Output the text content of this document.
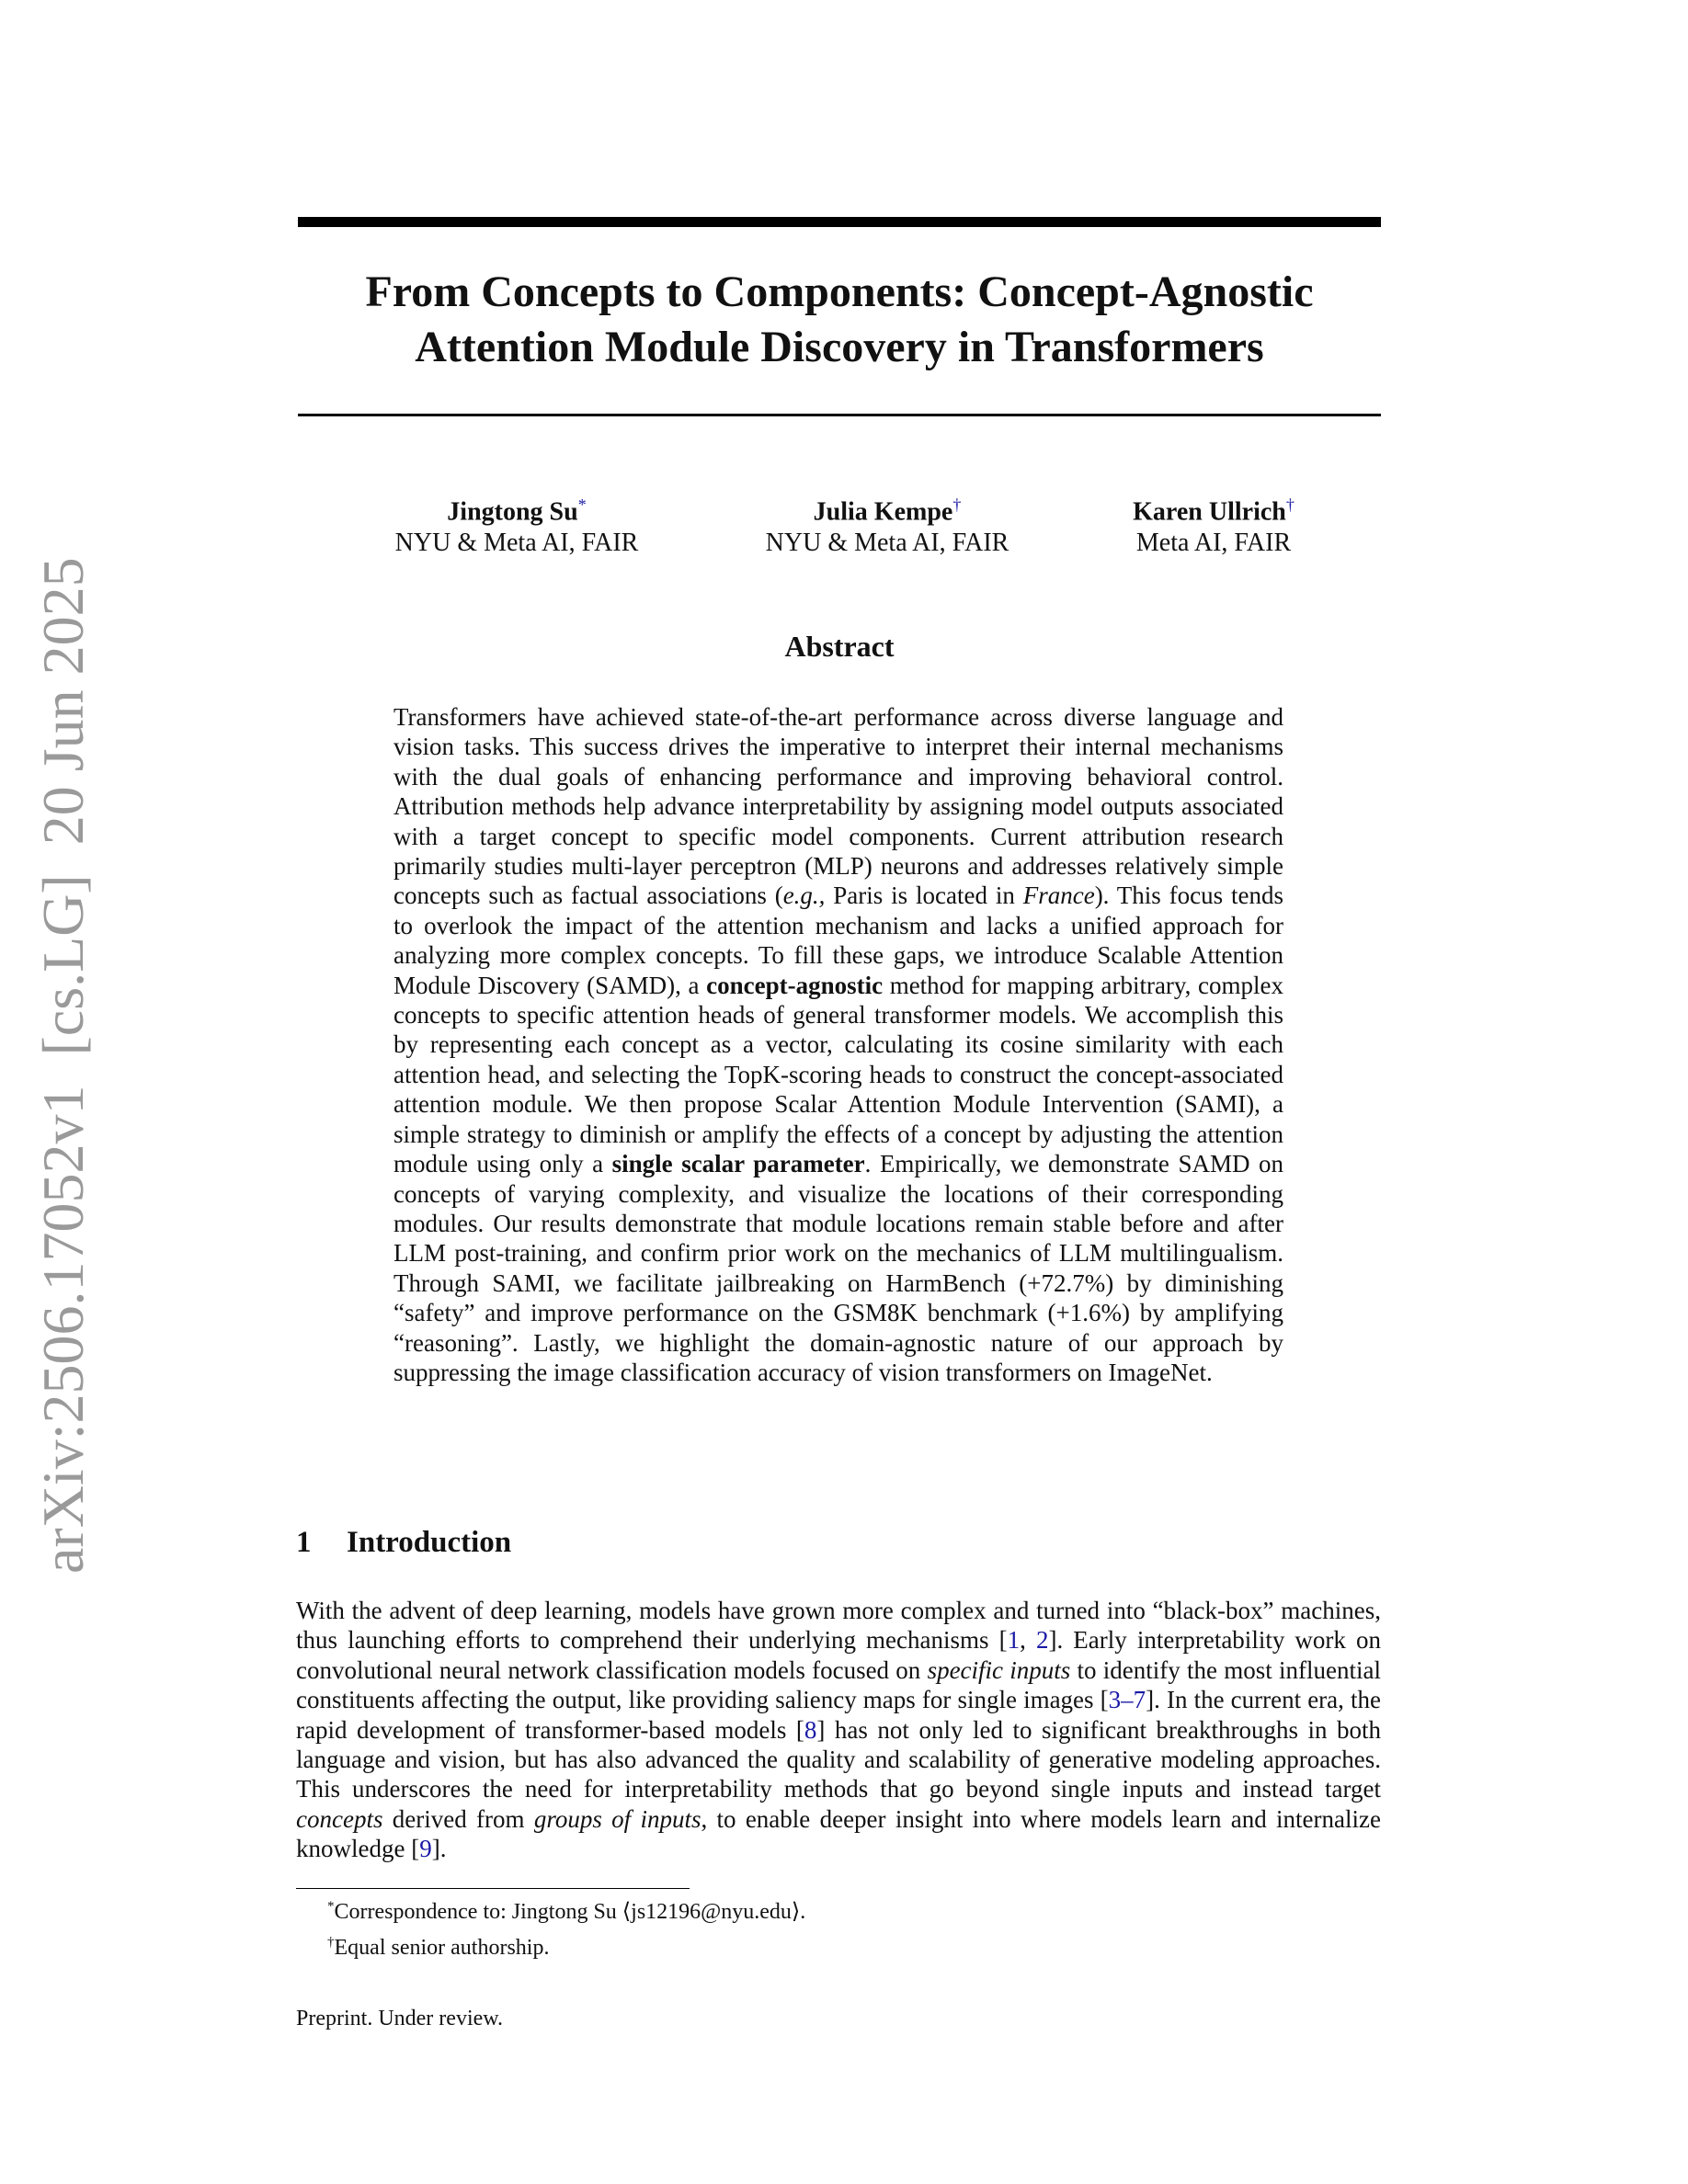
arXiv:2506.17052v1  [cs.LG]  20 Jun 2025
From Concepts to Components: Concept-Agnostic
Attention Module Discovery in Transformers
Jingtong Su*
NYU & Meta AI, FAIR
Julia Kempe†
NYU & Meta AI, FAIR
Karen Ullrich†
Meta AI, FAIR
Abstract

Transformers have achieved state-of-the-art performance across diverse language and vision tasks. This success drives the imperative to interpret their internal mechanisms with the dual goals of enhancing performance and improving behavioral control. Attribution methods help advance interpretability by assigning model outputs associated with a target concept to specific model components. Current attribution research primarily studies multi-layer perceptron (MLP) neurons and addresses relatively simple concepts such as factual associations (e.g., Paris is located in France). This focus tends to overlook the impact of the attention mechanism and lacks a unified approach for analyzing more complex concepts. To fill these gaps, we introduce Scalable Attention Module Discovery (SAMD), a concept-agnostic method for mapping arbitrary, complex concepts to specific attention heads of general transformer models. We accomplish this by representing each concept as a vector, calculating its cosine similarity with each attention head, and selecting the TopK-scoring heads to construct the concept-associated attention module. We then propose Scalar Attention Module Intervention (SAMI), a simple strategy to diminish or amplify the effects of a concept by adjusting the attention module using only a single scalar parameter. Empirically, we demonstrate SAMD on concepts of varying complexity, and visualize the locations of their corresponding modules. Our results demonstrate that module locations remain stable before and after LLM post-training, and confirm prior work on the mechanics of LLM multilingualism. Through SAMI, we facilitate jailbreaking on HarmBench (+72.7%) by diminishing “safety” and improve performance on the GSM8K benchmark (+1.6%) by amplifying “reasoning”. Lastly, we highlight the domain-agnostic nature of our approach by suppressing the image classification accuracy of vision transformers on ImageNet.

1 Introduction

With the advent of deep learning, models have grown more complex and turned into “black-box” machines, thus launching efforts to comprehend their underlying mechanisms [1, 2]. Early interpretability work on convolutional neural network classification models focused on specific inputs to identify the most influential constituents affecting the output, like providing saliency maps for single images [3–7]. In the current era, the rapid development of transformer-based models [8] has not only led to significant breakthroughs in both language and vision, but has also advanced the quality and scalability of generative modeling approaches. This underscores the need for interpretability methods that go beyond single inputs and instead target concepts derived from groups of inputs, to enable deeper insight into where models learn and internalize knowledge [9].

*Correspondence to: Jingtong Su ⟨js12196@nyu.edu⟩.
†Equal senior authorship.
Preprint. Under review.
